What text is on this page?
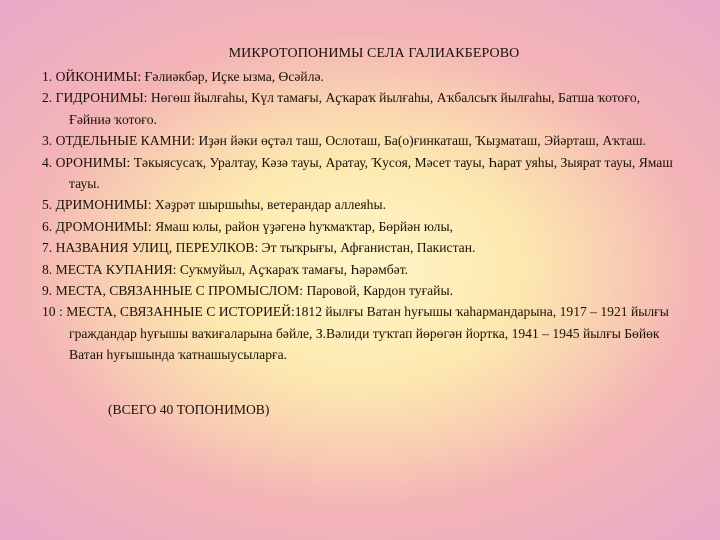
МИКРОТОПОНИМЫ СЕЛА ГАЛИАКБЕРОВО
1. ОЙКОНИМЫ: Ғәлиәкбәр, Иҫке ызма, Өсәйлә.
2. ГИДРОНИМЫ: Нөгөш йылғаһы, Күл тамағы, Аҫҡараҡ йылғаһы, Аҡбалсыҡ йылғаһы, Батша ҡотоғо, Ғәйниә ҡотоғо.
3. ОТДЕЛЬНЫЕ КАМНИ: Иҙән йәки өҫтәл таш, Ослоташ, Ба(о)ғинкаташ, Ҡыҙматаш, Эйәрташ, Аҡташ.
4. ОРОНИМЫ: Тәкыясусаҡ, Уралтау, Кәзә тауы, Аратау, Ҡусоя, Мәсет тауы, Һарат уяһы, Зыярат тауы, Ямаш тауы.
5. ДРИМОНИМЫ: Хәҙрәт шыршыһы, ветерандар аллеяһы.
6. ДРОМОНИМЫ: Ямаш юлы, район үҙәгенә һуҡмаҡтар, Бөрйән юлы,
7. НАЗВАНИЯ УЛИЦ, ПЕРЕУЛКОВ: Эт тыҡрығы, Афғанистан, Пакистан.
8. МЕСТА КУПАНИЯ: Суҡмуйыл, Аҫҡараҡ тамағы, Һәрәмбәт.
9. МЕСТА, СВЯЗАННЫЕ С ПРОМЫСЛОМ: Паровой, Кардон туғайы.
10 : МЕСТА, СВЯЗАННЫЕ С ИСТОРИЕЙ:1812 йылғы Ватан һуғышы ҡаһармандарына, 1917 – 1921 йылғы граждандар һуғышы ваҡиғаларына бәйле, З.Вәлиди туҡтап йөрөгән йортка, 1941 – 1945 йылғы Бөйөк Ватан һуғышында ҡатнашыусыларға.
(ВСЕГО 40 ТОПОНИМОВ)
